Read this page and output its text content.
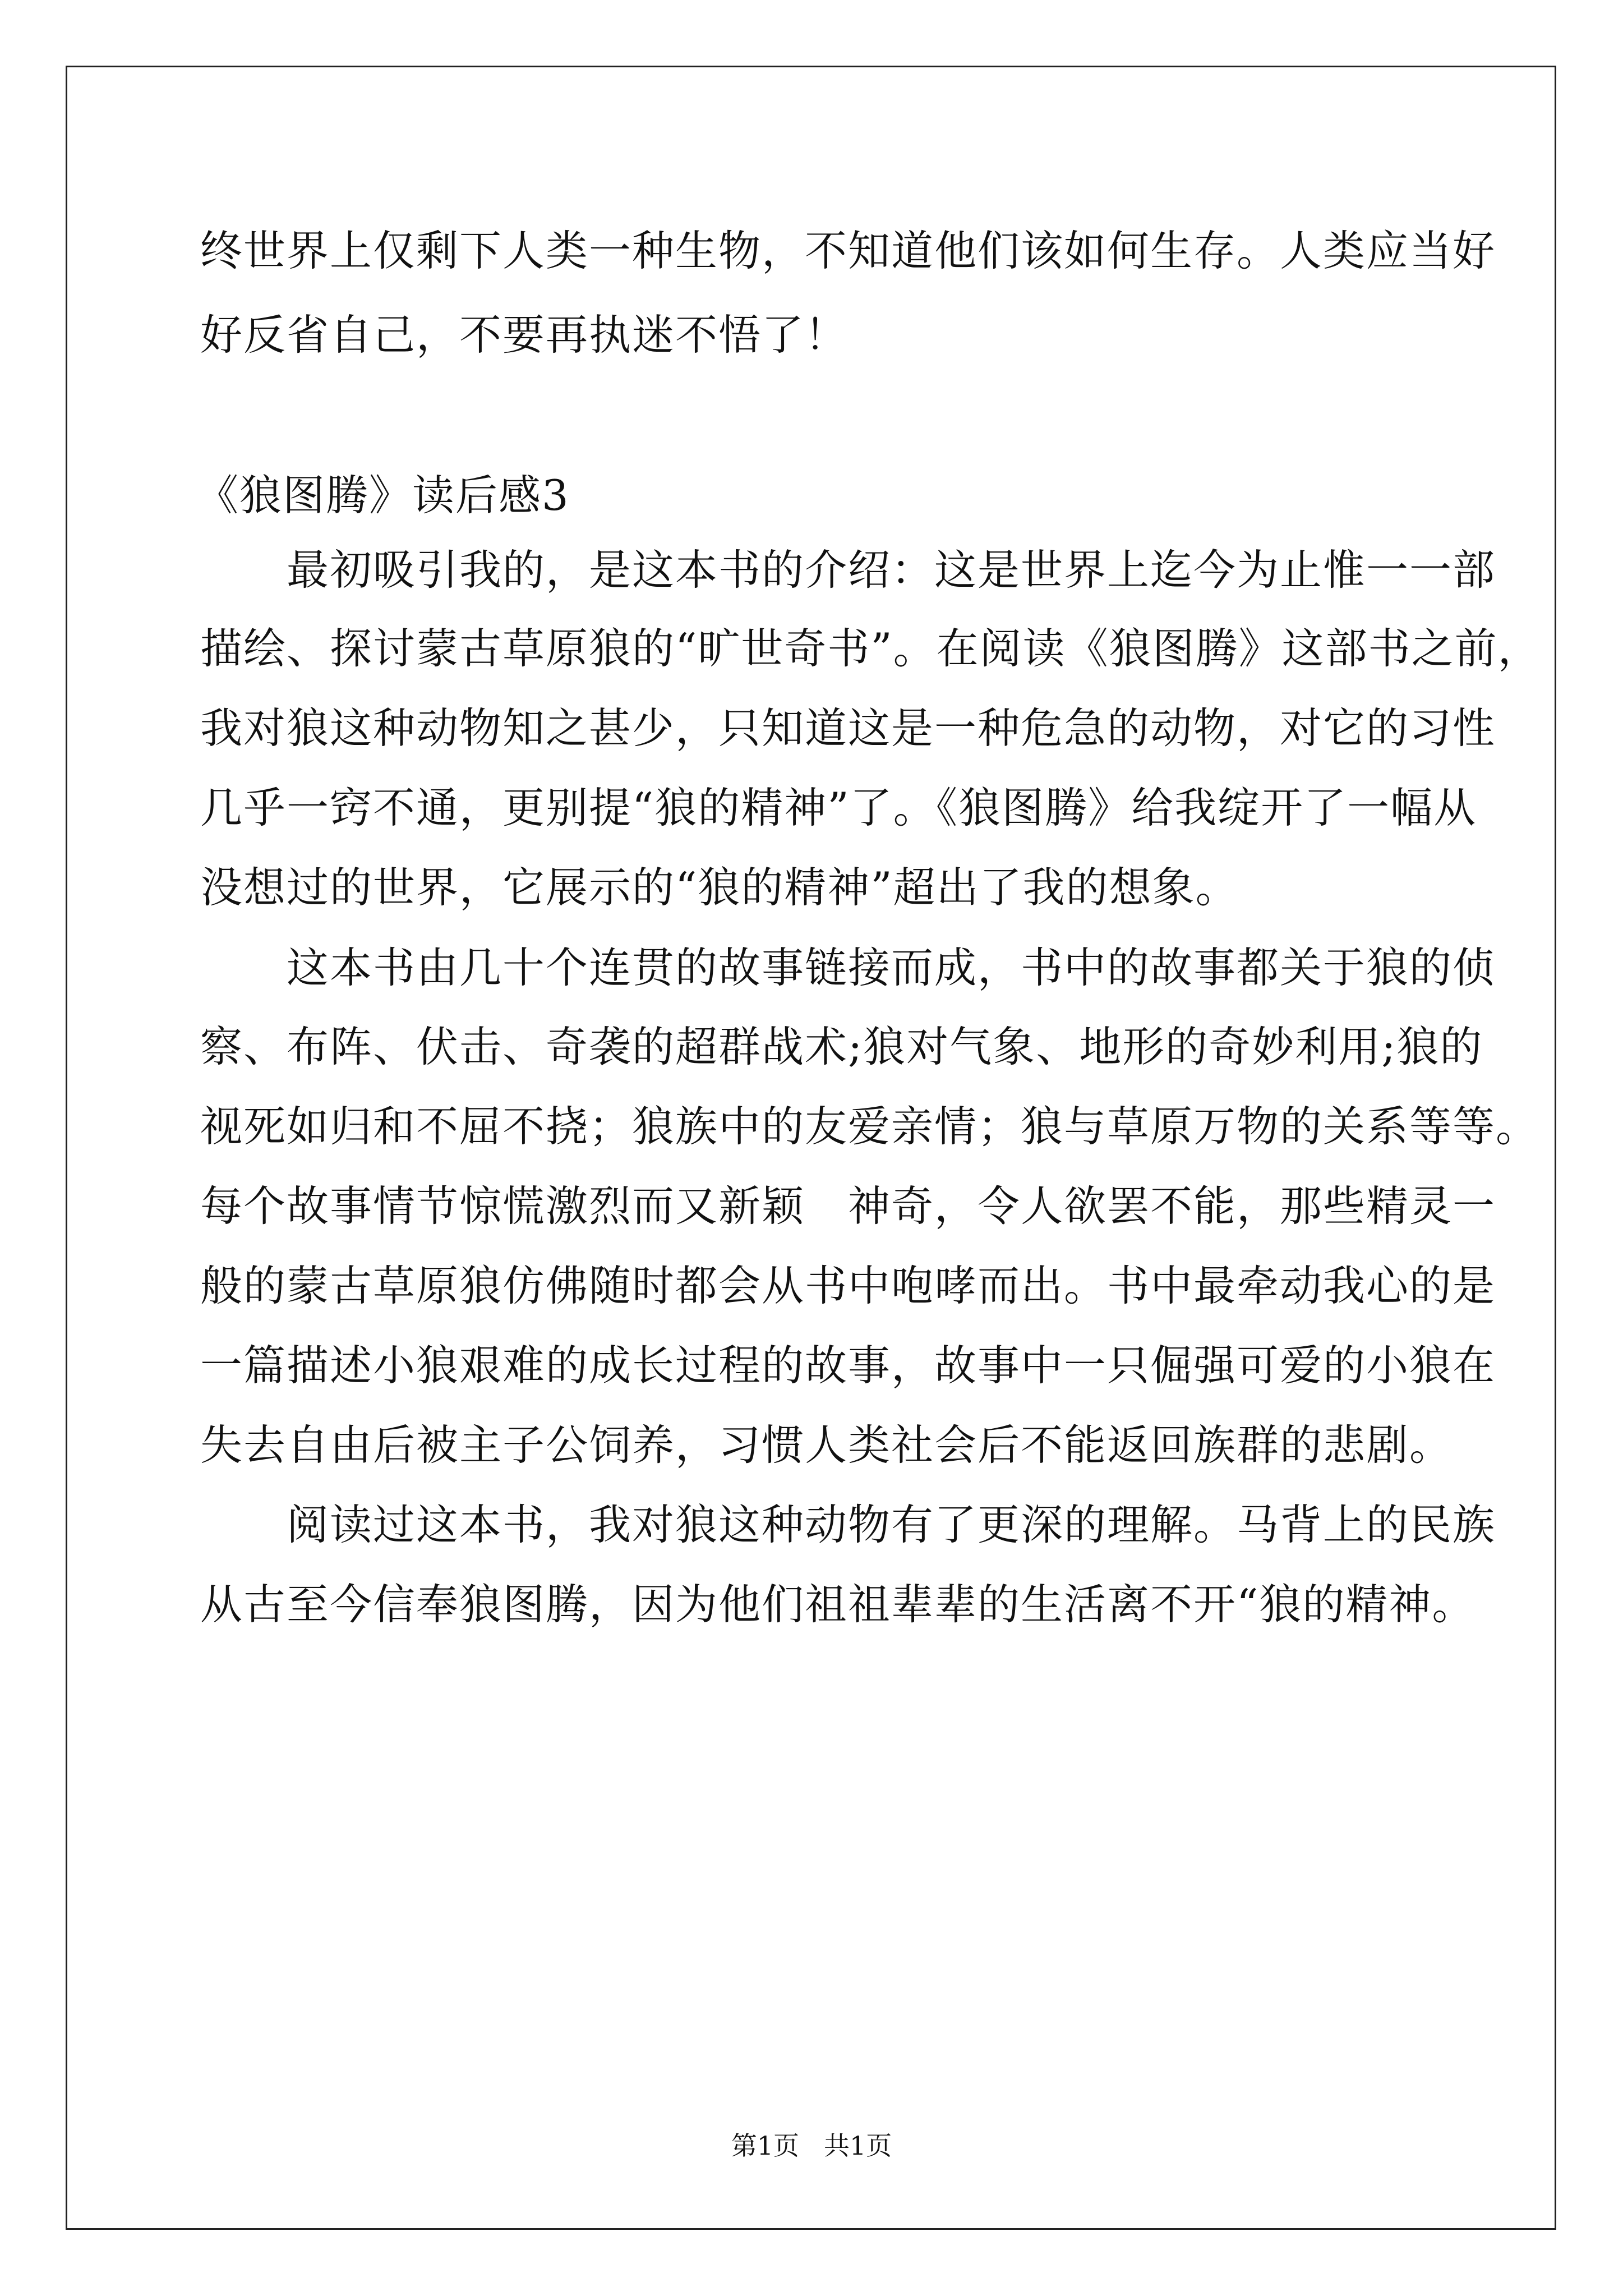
终世界上仅剩下人类一种生物，不知道他们该如何生存。人类应当好
好反省自己，不要再执迷不悟了！
《狼图腾》读后感3
　　最初吸引我的，是这本书的介绍：这是世界上迄今为止惟一一部
描绘、探讨蒙古草原狼的“旷世奇书”。在阅读《狼图腾》这部书之前，
我对狼这种动物知之甚少，只知道这是一种危急的动物，对它的习性
几乎一窍不通，更别提“狼的精神”了。《狼图腾》给我绽开了一幅从
没想过的世界，它展示的“狼的精神”超出了我的想象。
　　这本书由几十个连贯的故事链接而成，书中的故事都关于狼的侦
察、布阵、伏击、奇袭的超群战术;狼对气象、地形的奇妙利用;狼的
视死如归和不屈不挠；狼族中的友爱亲情；狼与草原万物的关系等等。
每个故事情节惊慌激烈而又新颖　神奇，令人欲罢不能，那些精灵一
般的蒙古草原狼仿佛随时都会从书中咆哮而出。书中最牵动我心的是
一篇描述小狼艰难的成长过程的故事，故事中一只倔强可爱的小狼在
失去自由后被主子公饲养，习惯人类社会后不能返回族群的悲剧。
　　阅读过这本书，我对狼这种动物有了更深的理解。马背上的民族
从古至今信奉狼图腾，因为他们祖祖辈辈的生活离不开“狼的精神。
第1页 共1页
